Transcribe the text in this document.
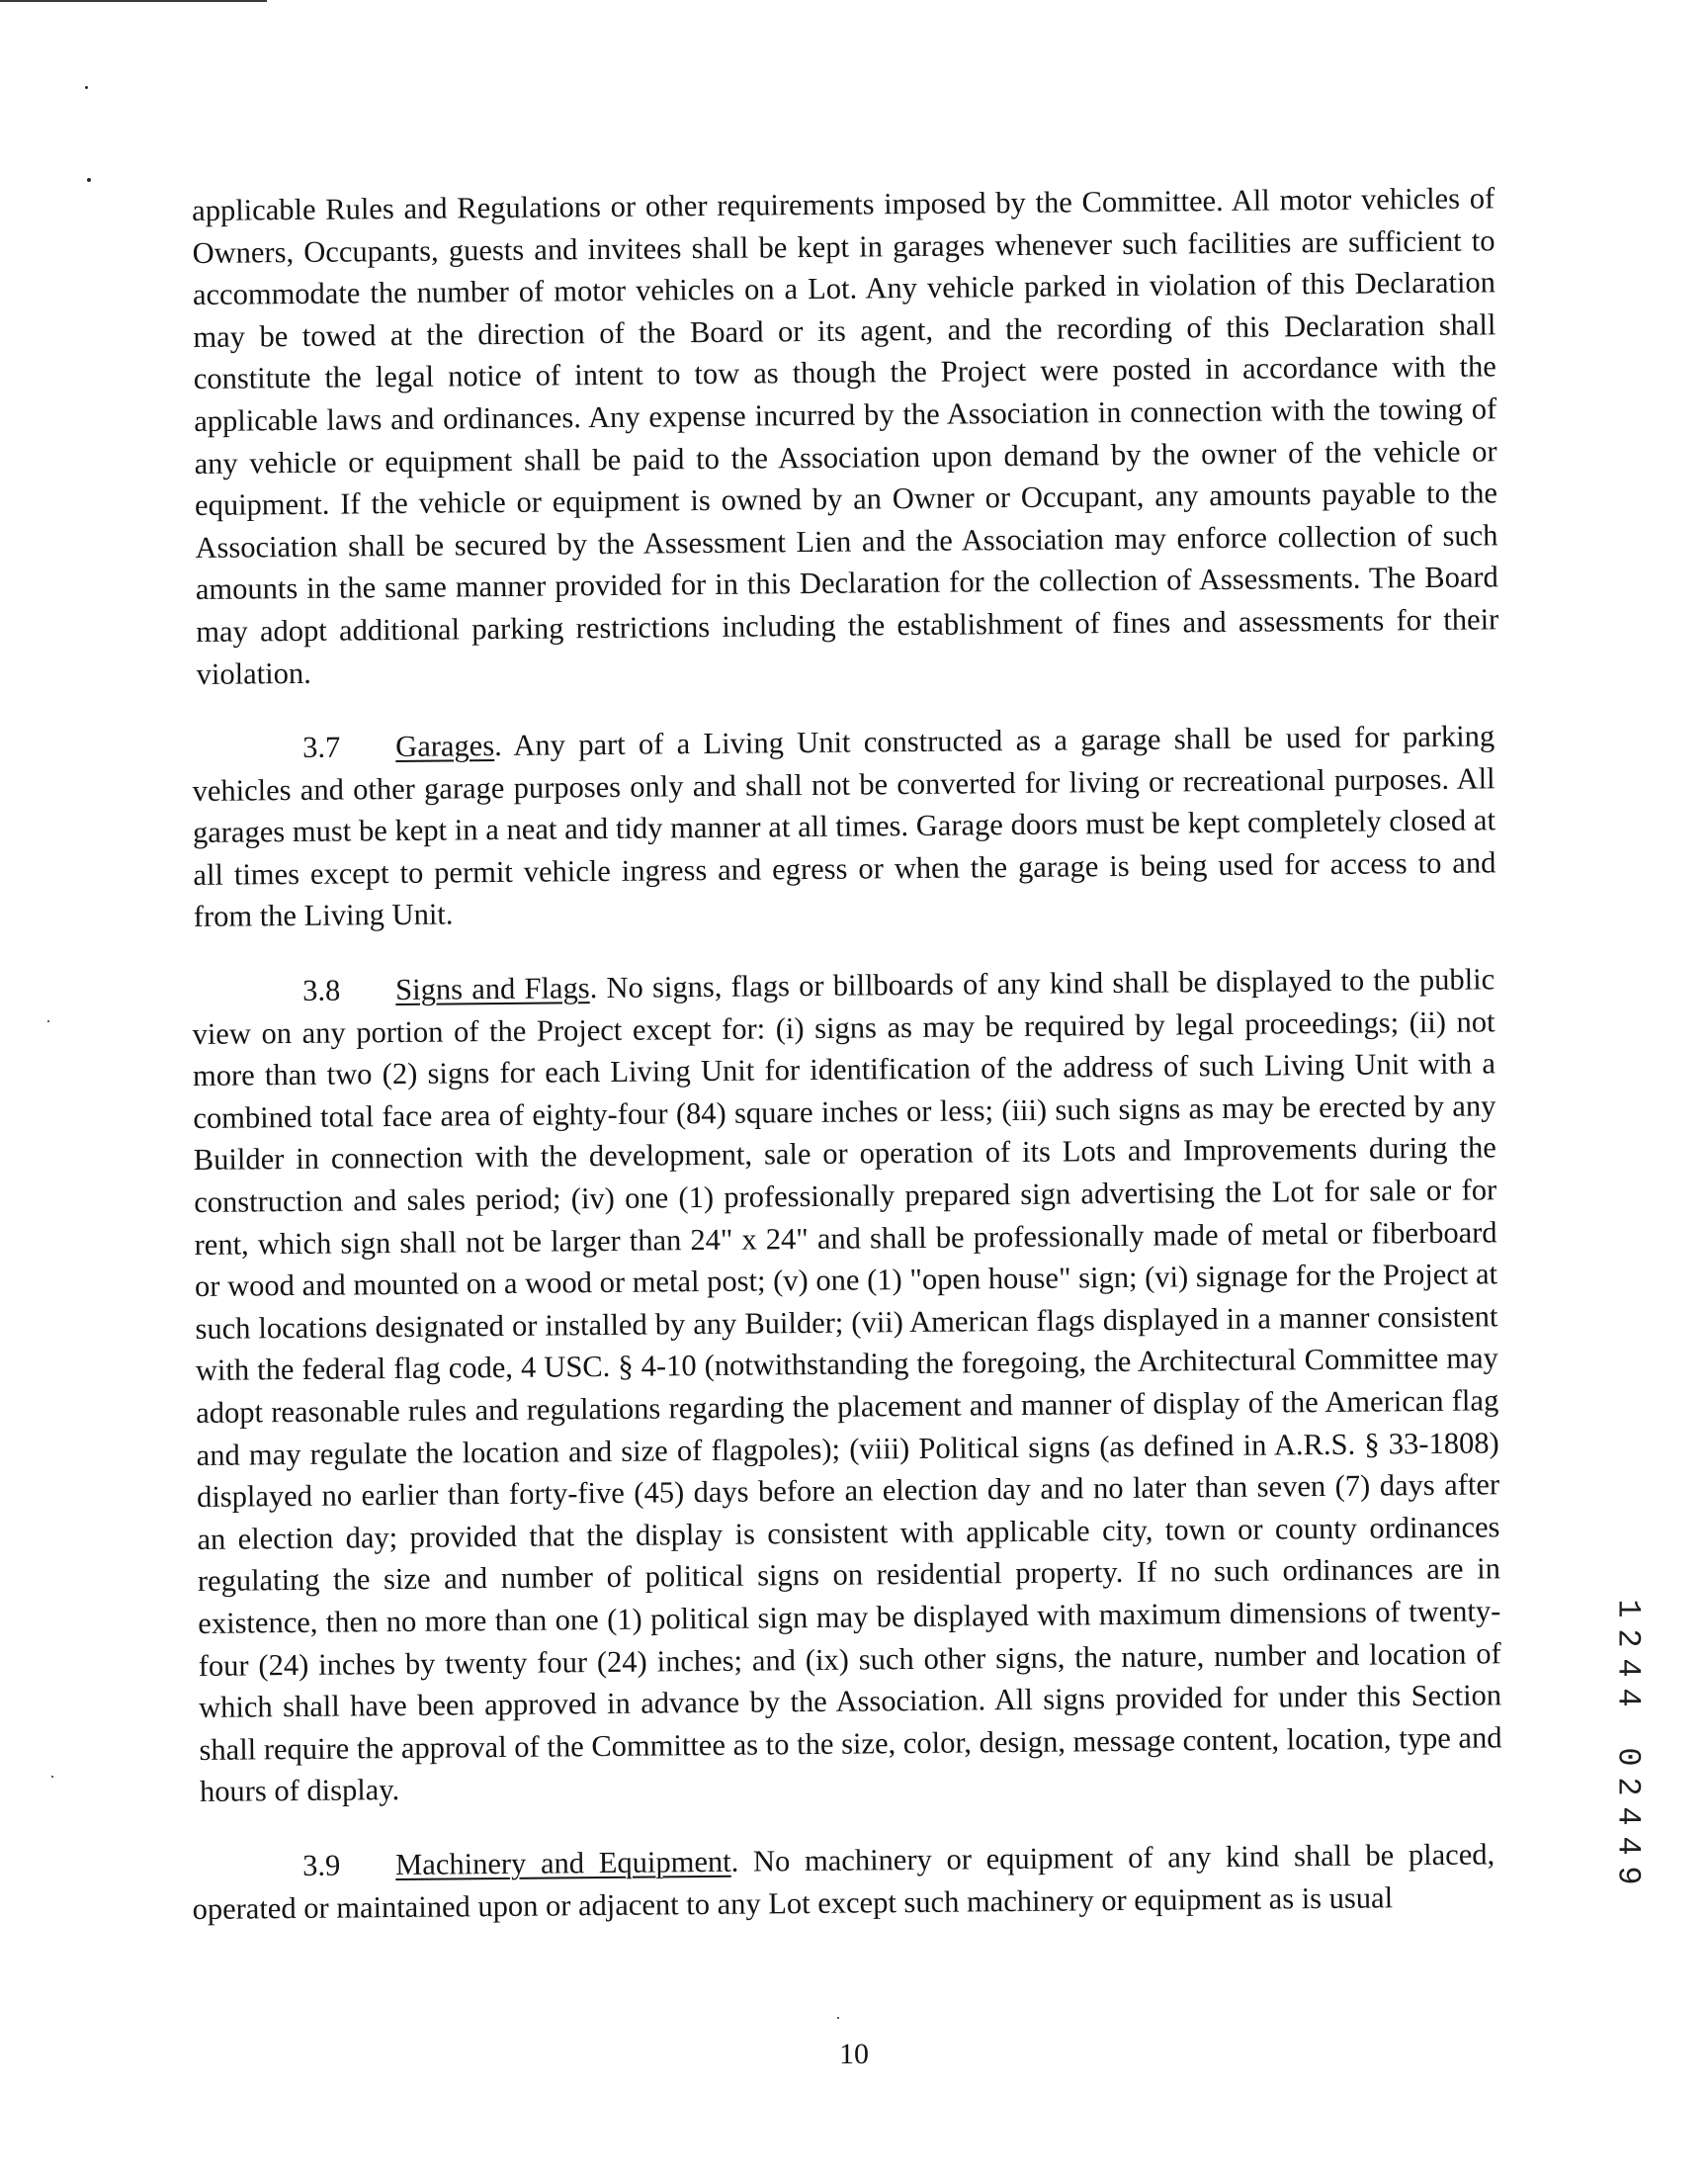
applicable Rules and Regulations or other requirements imposed by the Committee. All motor vehicles of Owners, Occupants, guests and invitees shall be kept in garages whenever such facilities are sufficient to accommodate the number of motor vehicles on a Lot. Any vehicle parked in violation of this Declaration may be towed at the direction of the Board or its agent, and the recording of this Declaration shall constitute the legal notice of intent to tow as though the Project were posted in accordance with the applicable laws and ordinances. Any expense incurred by the Association in connection with the towing of any vehicle or equipment shall be paid to the Association upon demand by the owner of the vehicle or equipment. If the vehicle or equipment is owned by an Owner or Occupant, any amounts payable to the Association shall be secured by the Assessment Lien and the Association may enforce collection of such amounts in the same manner provided for in this Declaration for the collection of Assessments. The Board may adopt additional parking restrictions including the establishment of fines and assessments for their violation.

3.7 Garages. Any part of a Living Unit constructed as a garage shall be used for parking vehicles and other garage purposes only and shall not be converted for living or recreational purposes. All garages must be kept in a neat and tidy manner at all times. Garage doors must be kept completely closed at all times except to permit vehicle ingress and egress or when the garage is being used for access to and from the Living Unit.

3.8 Signs and Flags. No signs, flags or billboards of any kind shall be displayed to the public view on any portion of the Project except for: (i) signs as may be required by legal proceedings; (ii) not more than two (2) signs for each Living Unit for identification of the address of such Living Unit with a combined total face area of eighty-four (84) square inches or less; (iii) such signs as may be erected by any Builder in connection with the development, sale or operation of its Lots and Improvements during the construction and sales period; (iv) one (1) professionally prepared sign advertising the Lot for sale or for rent, which sign shall not be larger than 24" x 24" and shall be professionally made of metal or fiberboard or wood and mounted on a wood or metal post; (v) one (1) "open house" sign; (vi) signage for the Project at such locations designated or installed by any Builder; (vii) American flags displayed in a manner consistent with the federal flag code, 4 USC. § 4-10 (notwithstanding the foregoing, the Architectural Committee may adopt reasonable rules and regulations regarding the placement and manner of display of the American flag and may regulate the location and size of flagpoles); (viii) Political signs (as defined in A.R.S. § 33-1808) displayed no earlier than forty-five (45) days before an election day and no later than seven (7) days after an election day; provided that the display is consistent with applicable city, town or county ordinances regulating the size and number of political signs on residential property. If no such ordinances are in existence, then no more than one (1) political sign may be displayed with maximum dimensions of twenty-four (24) inches by twenty four (24) inches; and (ix) such other signs, the nature, number and location of which shall have been approved in advance by the Association. All signs provided for under this Section shall require the approval of the Committee as to the size, color, design, message content, location, type and hours of display.

3.9 Machinery and Equipment. No machinery or equipment of any kind shall be placed, operated or maintained upon or adjacent to any Lot except such machinery or equipment as is usual

1
2
4
4
0
2
4
4
9
10
